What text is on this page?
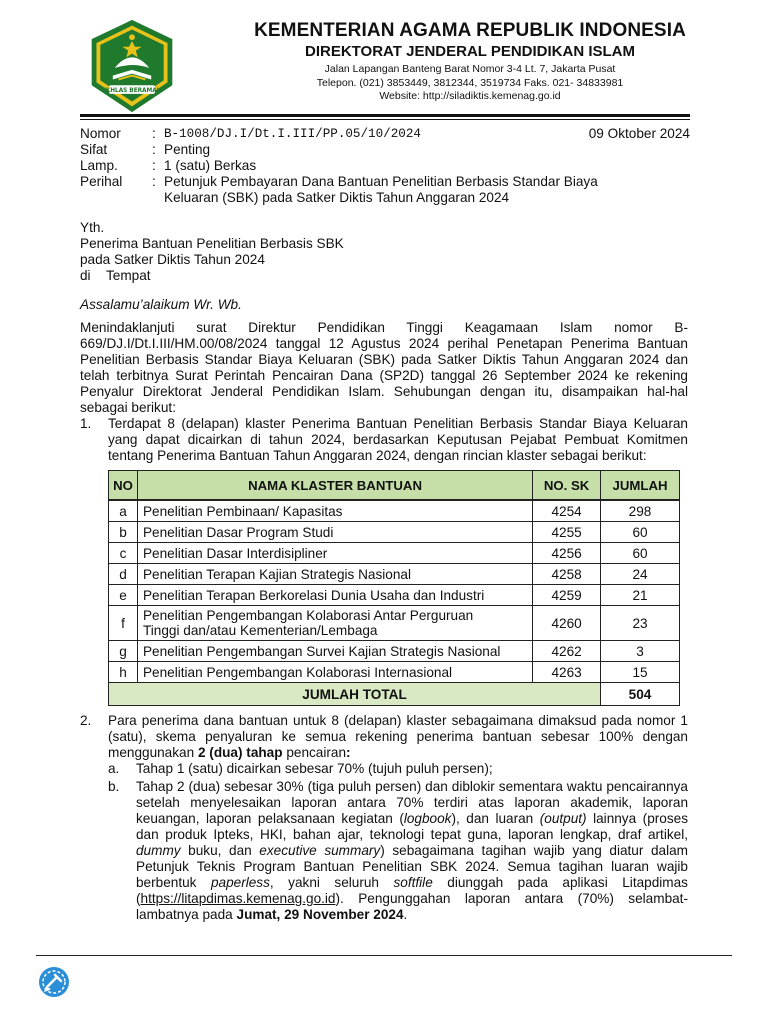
IKHLAS BERAMAL
KEMENTERIAN AGAMA REPUBLIK INDONESIA
DIREKTORAT JENDERAL PENDIDIKAN ISLAM
Jalan Lapangan Banteng Barat Nomor 3-4 Lt. 7, Jakarta Pusat
Telepon. (021) 3853449, 3812344, 3519734 Faks. 021- 34833981
Website: http://siladiktis.kemenag.go.id
Nomor	: B-1008/DJ.I/Dt.I.III/PP.05/10/2024	09 Oktober 2024
Sifat	: Penting
Lamp.	: 1 (satu) Berkas
Perihal	: Petunjuk Pembayaran Dana Bantuan Penelitian Berbasis Standar Biaya
Keluaran (SBK) pada Satker Diktis Tahun Anggaran 2024
Yth.
Penerima Bantuan Penelitian Berbasis SBK
pada Satker Diktis Tahun 2024
di Tempat
Assalamu’alaikum Wr. Wb.
Menindaklanjuti surat Direktur Pendidikan Tinggi Keagamaan Islam nomor B-669/DJ.I/Dt.I.III/HM.00/08/2024 tanggal 12 Agustus 2024 perihal Penetapan Penerima Bantuan Penelitian Berbasis Standar Biaya Keluaran (SBK) pada Satker Diktis Tahun Anggaran 2024 dan telah terbitnya Surat Perintah Pencairan Dana (SP2D) tanggal 26 September 2024 ke rekening Penyalur Direktorat Jenderal Pendidikan Islam. Sehubungan dengan itu, disampaikan hal-hal sebagai berikut:
1. Terdapat 8 (delapan) klaster Penerima Bantuan Penelitian Berbasis Standar Biaya Keluaran yang dapat dicairkan di tahun 2024, berdasarkan Keputusan Pejabat Pembuat Komitmen tentang Penerima Bantuan Tahun Anggaran 2024, dengan rincian klaster sebagai berikut:
NO	NAMA KLASTER BANTUAN	NO. SK	JUMLAH
a	Penelitian Pembinaan/ Kapasitas	4254	298
b	Penelitian Dasar Program Studi	4255	60
c	Penelitian Dasar Interdisipliner	4256	60
d	Penelitian Terapan Kajian Strategis Nasional	4258	24
e	Penelitian Terapan Berkorelasi Dunia Usaha dan Industri	4259	21
f	Penelitian Pengembangan Kolaborasi Antar Perguruan
Tinggi dan/atau Kementerian/Lembaga	4260	23
g	Penelitian Pengembangan Survei Kajian Strategis Nasional	4262	3
h	Penelitian Pengembangan Kolaborasi Internasional	4263	15
JUMLAH TOTAL			504
2. Para penerima dana bantuan untuk 8 (delapan) klaster sebagaimana dimaksud pada nomor 1 (satu), skema penyaluran ke semua rekening penerima bantuan sebesar 100% dengan menggunakan 2 (dua) tahap pencairan:
a. Tahap 1 (satu) dicairkan sebesar 70% (tujuh puluh persen);
b. Tahap 2 (dua) sebesar 30% (tiga puluh persen) dan diblokir sementara waktu pencairannya setelah menyelesaikan laporan antara 70% terdiri atas laporan akademik, laporan keuangan, laporan pelaksanaan kegiatan (logbook), dan luaran (output) lainnya (proses dan produk Ipteks, HKI, bahan ajar, teknologi tepat guna, laporan lengkap, draf artikel, dummy buku, dan executive summary) sebagaimana tagihan wajib yang diatur dalam Petunjuk Teknis Program Bantuan Penelitian SBK 2024. Semua tagihan luaran wajib berbentuk paperless, yakni seluruh softfile diunggah pada aplikasi Litapdimas (https://litapdimas.kemenag.go.id). Pengunggahan laporan antara (70%) selambat-lambatnya pada Jumat, 29 November 2024.
